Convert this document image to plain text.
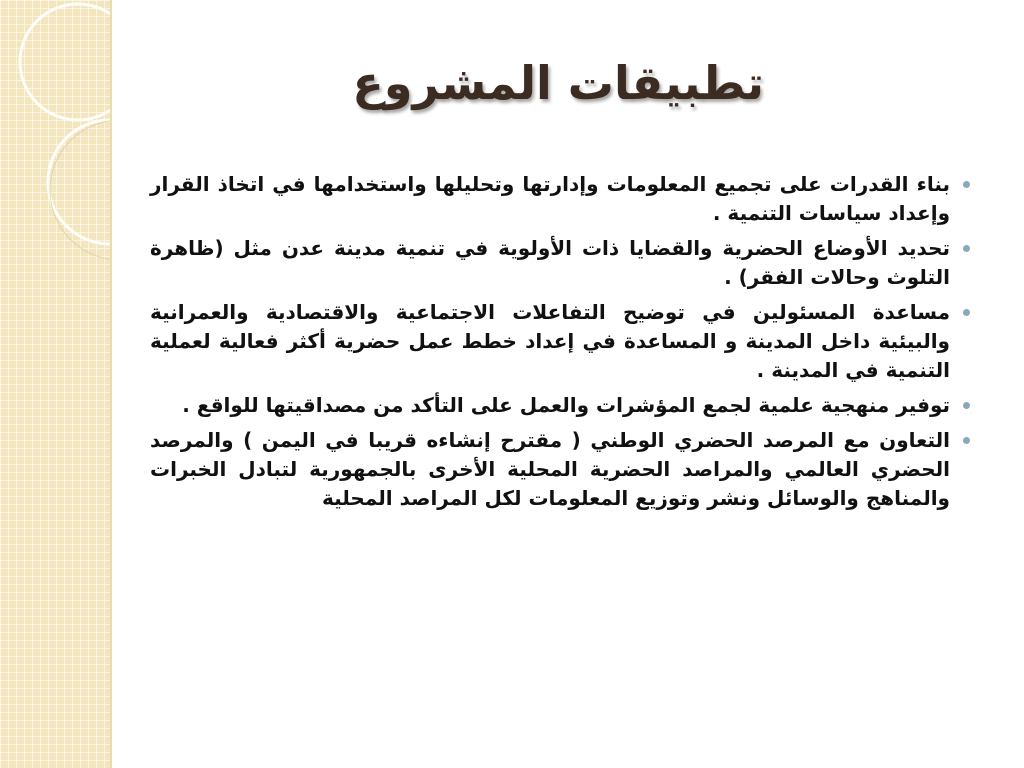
تطبيقات المشروع
بناء القدرات على تجميع المعلومات وإدارتها وتحليلها واستخدامها في اتخاذ القرار وإعداد سياسات التنمية .
تحديد الأوضاع الحضرية والقضايا ذات الأولوية في تنمية مدينة عدن مثل (ظاهرة التلوث وحالات الفقر) .
مساعدة المسئولين في توضيح التفاعلات الاجتماعية والاقتصادية والعمرانية والبيئية داخل المدينة و المساعدة في إعداد خطط عمل حضرية أكثر فعالية لعملية التنمية في المدينة .
توفير منهجية علمية لجمع المؤشرات والعمل على التأكد من مصداقيتها للواقع .
التعاون مع المرصد الحضري الوطني ( مقترح إنشاءه قريبا في اليمن ) والمرصد الحضري العالمي والمراصد الحضرية المحلية الأخرى بالجمهورية لتبادل الخبرات والمناهج والوسائل ونشر وتوزيع المعلومات لكل المراصد المحلية
